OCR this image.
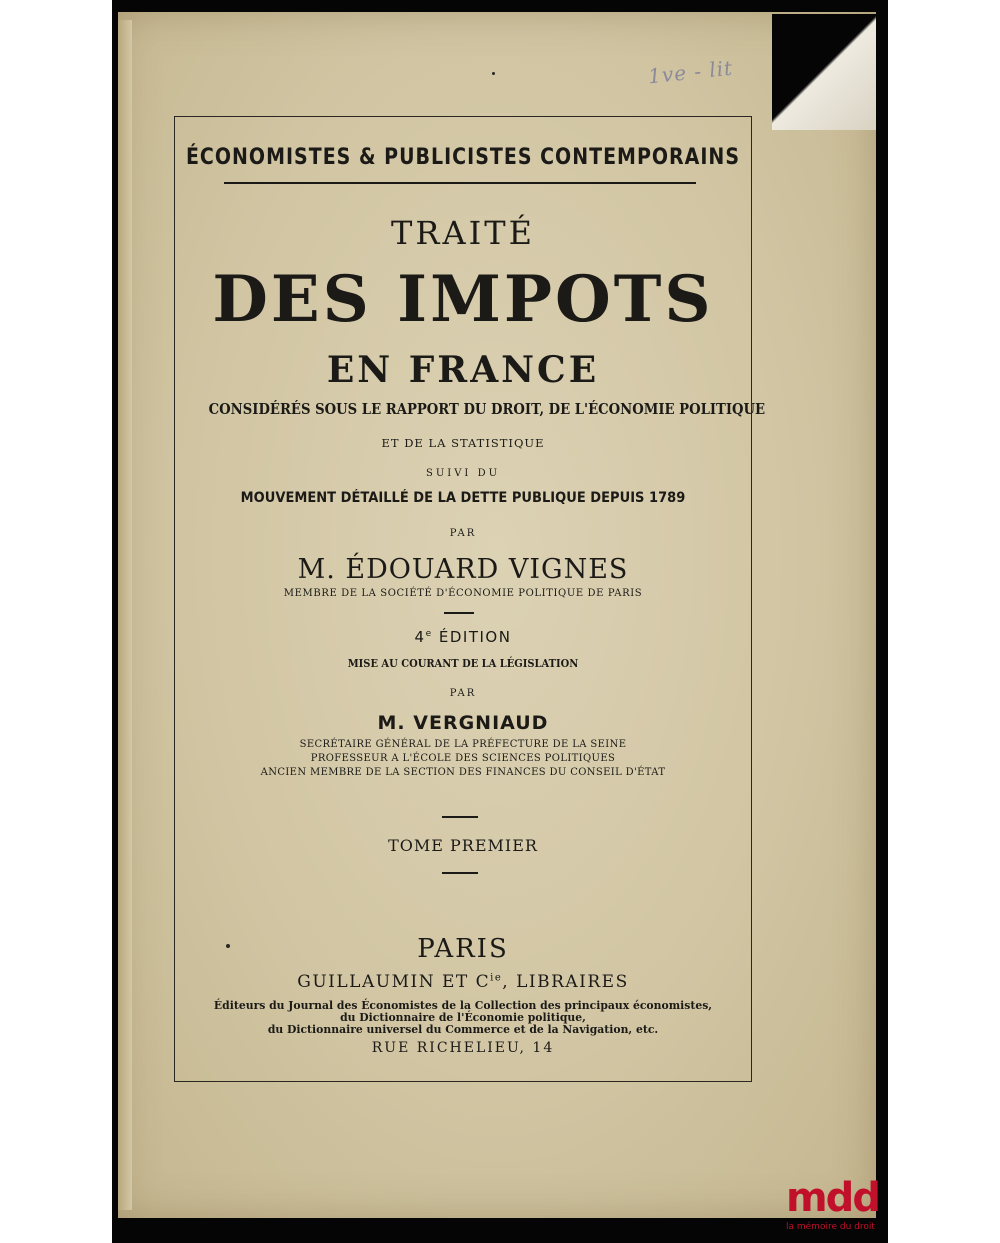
1ve - lit
ÉCONOMISTES & PUBLICISTES CONTEMPORAINS
TRAITÉ
DES IMPOTS
EN FRANCE
CONSIDÉRÉS SOUS LE RAPPORT DU DROIT, DE L'ÉCONOMIE POLITIQUE
ET DE LA STATISTIQUE
SUIVI DU
MOUVEMENT DÉTAILLÉ DE LA DETTE PUBLIQUE DEPUIS 1789
PAR
M. ÉDOUARD VIGNES
MEMBRE DE LA SOCIÉTÉ D'ÉCONOMIE POLITIQUE DE PARIS
4e ÉDITION
MISE AU COURANT DE LA LÉGISLATION
PAR
M. VERGNIAUD
SECRÉTAIRE GÉNÉRAL DE LA PRÉFECTURE DE LA SEINE
PROFESSEUR A L'ÉCOLE DES SCIENCES POLITIQUES
ANCIEN MEMBRE DE LA SECTION DES FINANCES DU CONSEIL D'ÉTAT
TOME PREMIER
PARIS
GUILLAUMIN ET $C^{ie}$, LIBRAIRES
Éditeurs du Journal des Économistes de la Collection des principaux économistes,
du Dictionnaire de l'Économie politique,
du Dictionnaire universel du Commerce et de la Navigation, etc.
RUE RICHELIEU, 14
mdd
la mémoire du droit
